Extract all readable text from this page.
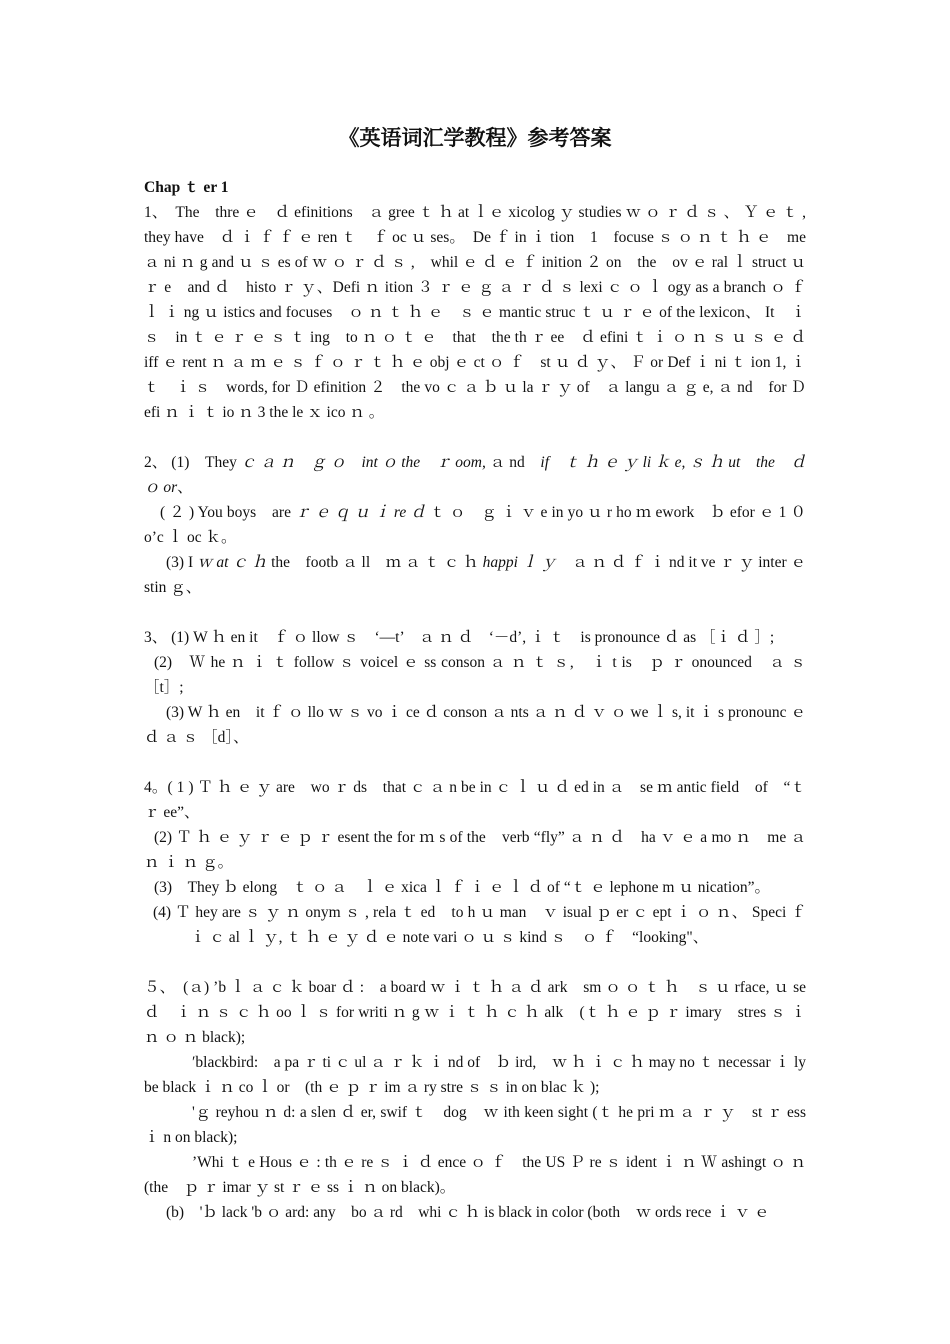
《英语词汇学教程》参考答案

Chap ｔ er 1

1、　The　thre ｅ　ｄ efinitions　ａ gree ｔ ｈ at ｌｅ xicolog ｙ studies ｗ ｏ ｒ ｄ ｓ 、 Ｙ ｅ ｔ , they have　ｄ ｉ ｆ ｆ ｅ ren ｔ　ｆ oc ｕ ses。　De ｆ in ｉ tion　1　focuse ｓ ｏ ｎ ｔ ｈ ｅ　me ａ ni ｎ g and ｕ ｓ es of ｗ ｏ ｒ ｄ ｓ ,　whil ｅ ｄ ｅ ｆ inition ２ on　the　ov ｅ ral ｌ struct ｕ ｒ e　and ｄ　histo ｒ ｙ、Defi ｎ ition ３ ｒ ｅ ｇ ａ ｒ ｄ ｓ lexi ｃ ｏ ｌ ogy as a branch ｏ ｆ　ｌ ｉ ng ｕ istics and focuses　ｏ ｎ ｔ ｈ ｅ　ｓ ｅ mantic struc ｔ ｕ ｒ ｅ of the lexicon、 It　ｉ ｓ　in ｔ ｅ ｒ ｅ ｓ ｔ ing　to ｎ ｏ ｔ ｅ　that　the th ｒ ee　ｄ efini ｔ ｉ ｏ ｎ ｓ ｕ ｓ ｅ ｄ iff ｅ rent ｎ ａ ｍ ｅ ｓ ｆ ｏ ｒ ｔ ｈ ｅ obj ｅ ct ｏ ｆ　st ｕ ｄ ｙ、 Ｆ or Def ｉ ni ｔ ion 1, ｉ ｔ　ｉ ｓ　words, for Ｄ efinition ２　the vo ｃ ａ ｂ ｕ la ｒ ｙ of　ａ langu ａ ｇ e, ａ nd　for Ｄ efi ｎ ｉ ｔ io ｎ 3 the le ｘ ico ｎ 。

2、 (1)　They ｃ ａ ｎ　ｇ ｏ　int ｏ the　ｒ oom, ａ nd　if　ｔ ｈ ｅ ｙ li ｋ e, ｓ ｈ ut　the　ｄ ｏ or、

( ２ ) You boys　are ｒ ｅ ｑ ｕ ｉ re ｄ ｔ ｏ　ｇ ｉ ｖ e in yo ｕ r ho ｍ ework　ｂ efor ｅ 1 ０ o’c ｌ oc ｋ。

(3) I ｗ at ｃ ｈ the　footb ａ ll　ｍ ａ ｔ ｃ ｈ happi ｌ ｙ　ａ ｎ ｄ ｆ ｉ nd it ve ｒ ｙ inter ｅ stin ｇ、

3、 (1) W ｈ en it　ｆ ｏ llow ｓ　‘—t’　ａ ｎ ｄ　‘－d’, ｉ ｔ　is pronounce ｄ as ［ｉ ｄ ］;

(2)　Ｗ he ｎ ｉ ｔ follow ｓ voicel ｅ ss conson ａ ｎ ｔ ｓ,　ｉ t is　ｐ ｒ onounced　ａ ｓ ［t］;

(3) W ｈ en　it ｆ ｏ llo ｗ ｓ vo ｉ ce ｄ conson ａ nts ａ ｎ ｄ ｖ ｏ we ｌ s, it ｉ s pronounc ｅ ｄ ａ ｓ ［d］、

4。( 1 ) Ｔ ｈ ｅ ｙ are　wo ｒ ds　that ｃ ａ n be in ｃ ｌ ｕ ｄ ed in ａ　se ｍ antic field　of　“ｔ ｒ ee”、

(2) Ｔ ｈ ｅ ｙ ｒ ｅ ｐ ｒ esent the for ｍ s of the　verb “fly” ａ ｎ ｄ　ha ｖ ｅ a mo ｎ　me ａ ｎ ｉ ｎ ｇ。

(3)　They ｂ elong　ｔ ｏ ａ　ｌ ｅ xica ｌ ｆ ｉ ｅ ｌ ｄ of “ｔ ｅ lephone m ｕ nication”。

(4) Ｔ hey are ｓ ｙ ｎ onym ｓ , rela ｔ ed　to h ｕ man　ｖ isual ｐ er ｃ ept ｉ ｏ ｎ、 Speci ｆ ｉ ｃ al ｌ ｙ, ｔ ｈ ｅ ｙ ｄ ｅ note vari ｏ ｕ ｓ kind ｓ　ｏ ｆ　“looking"、

５、　(ａ) ’b ｌ ａ ｃ ｋ boar ｄ :　a board ｗ ｉ ｔ ｈ ａ ｄ ark　sm ｏ ｏ ｔ ｈ　ｓ ｕ rface, ｕ se ｄ　ｉ ｎ ｓ ｃ ｈ oo ｌ ｓ for writi ｎ g ｗ ｉ ｔ ｈ ｃ ｈ alk　(ｔ ｈ ｅ ｐ ｒ imary　stres ｓ ｉ ｎ ｏ ｎ black);

′blackbird:　a pa ｒ ti ｃ ul ａ ｒ ｋ ｉ nd of　ｂ ird,　ｗ ｈ ｉ ｃ ｈ may no ｔ necessar ｉ ly be black ｉ ｎ co ｌ or　(th ｅ ｐ ｒ im ａ ry stre ｓ ｓ in on blac ｋ );

'ｇ reyhou ｎ d: a slen ｄ er, swif ｔ　dog　ｗ ith keen sight (ｔ he pri ｍ ａ ｒ ｙ　st ｒ ess ｉ n on black);

’Whi ｔ e Hous ｅ : th ｅ re ｓ ｉ ｄ ence ｏ ｆ　the US Ｐ re ｓ ident ｉ ｎ Ｗ ashingt ｏ ｎ (the　ｐ ｒ imar ｙ st ｒ ｅ ss ｉ ｎ on black)。

(b)　'ｂ lack 'b ｏ ard: any　bo ａ rd　whi ｃ ｈ is black in color (both　ｗ ords rece ｉ ｖ ｅ
